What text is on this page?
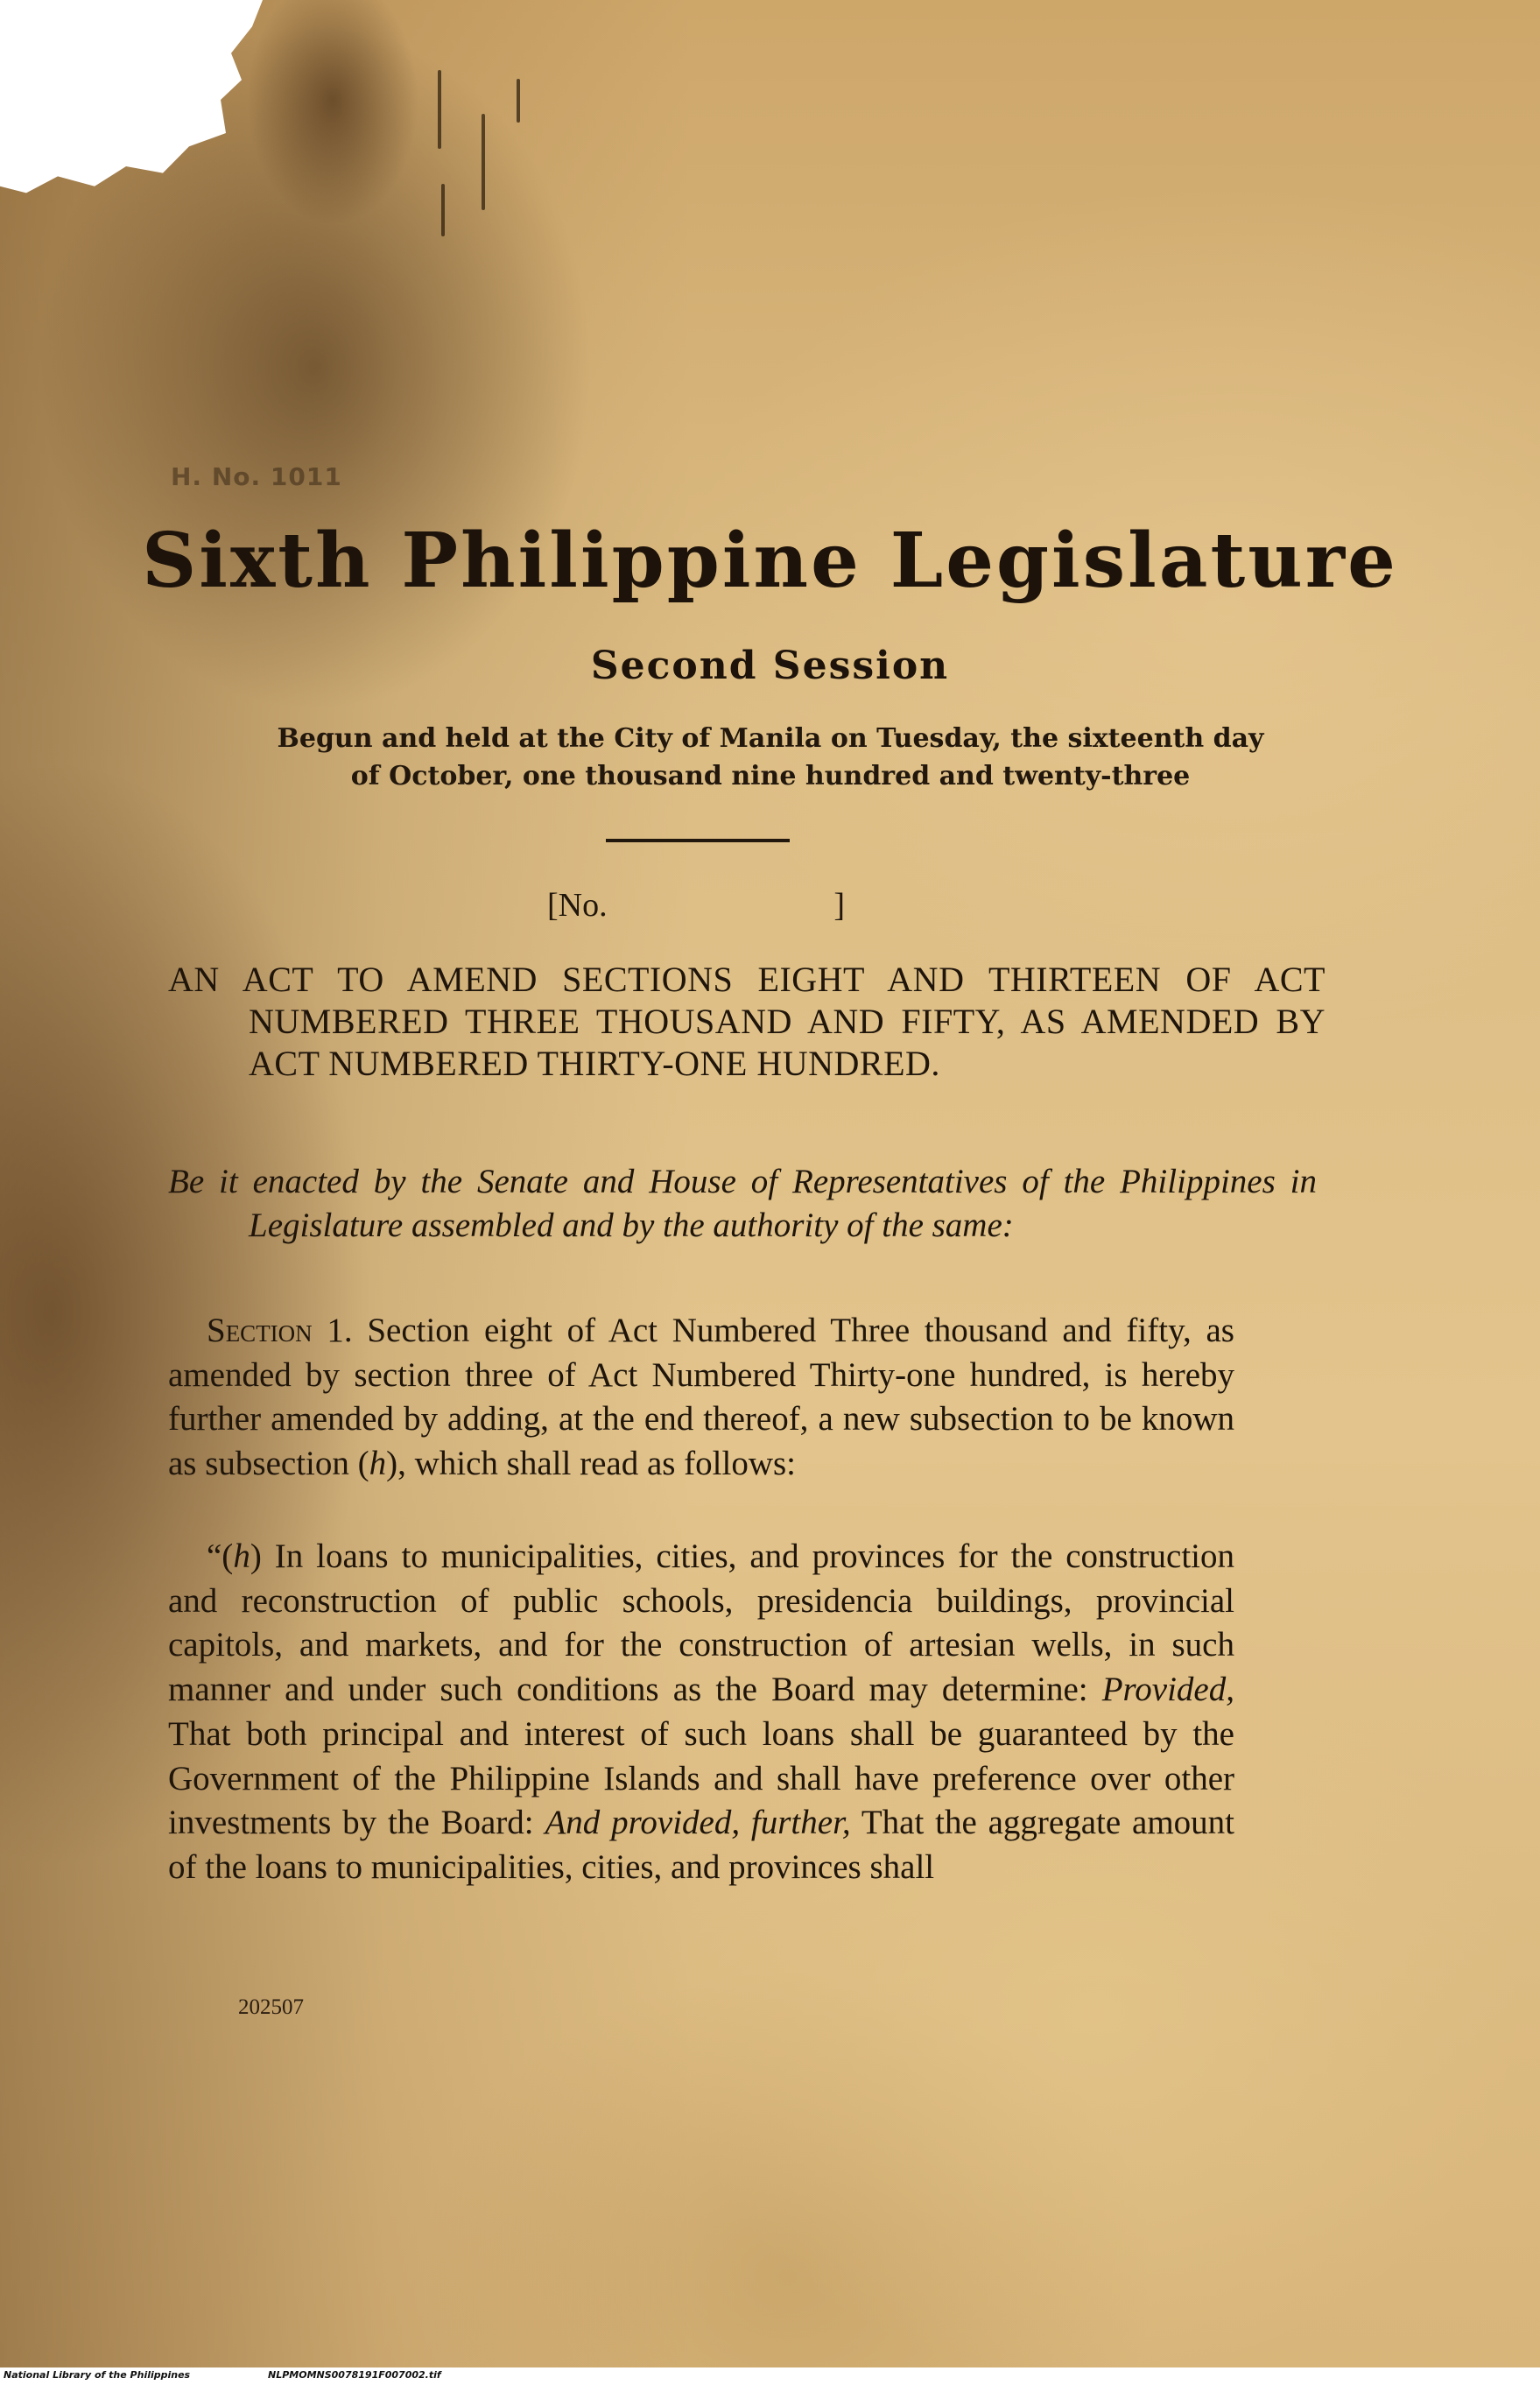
H. No. 1011
Sixth Philippine Legislature
Second Session
Begun and held at the City of Manila on Tuesday, the sixteenth day
of October, one thousand nine hundred and twenty-three
[No.	]
AN ACT TO AMEND SECTIONS EIGHT AND THIRTEEN OF ACT NUMBERED THREE THOUSAND AND FIFTY, AS AMENDED BY ACT NUMBERED THIRTY-ONE HUNDRED.
Be it enacted by the Senate and House of Representatives of the Philippines in Legislature assembled and by the authority of the same:
Section 1. Section eight of Act Numbered Three thousand and fifty, as amended by section three of Act Numbered Thirty-one hundred, is hereby further amended by adding, at the end thereof, a new subsection to be known as subsection (h), which shall read as follows:
“(h) In loans to municipalities, cities, and provinces for the construction and reconstruction of public schools, presidencia buildings, provincial capitols, and markets, and for the construction of artesian wells, in such manner and under such conditions as the Board may determine: Provided, That both principal and interest of such loans shall be guaranteed by the Government of the Philippine Islands and shall have preference over other investments by the Board: And provided, further, That the aggregate amount of the loans to municipalities, cities, and provinces shall
202507
National Library of the Philippines	NLPMOMNS0078191F007002.tif
